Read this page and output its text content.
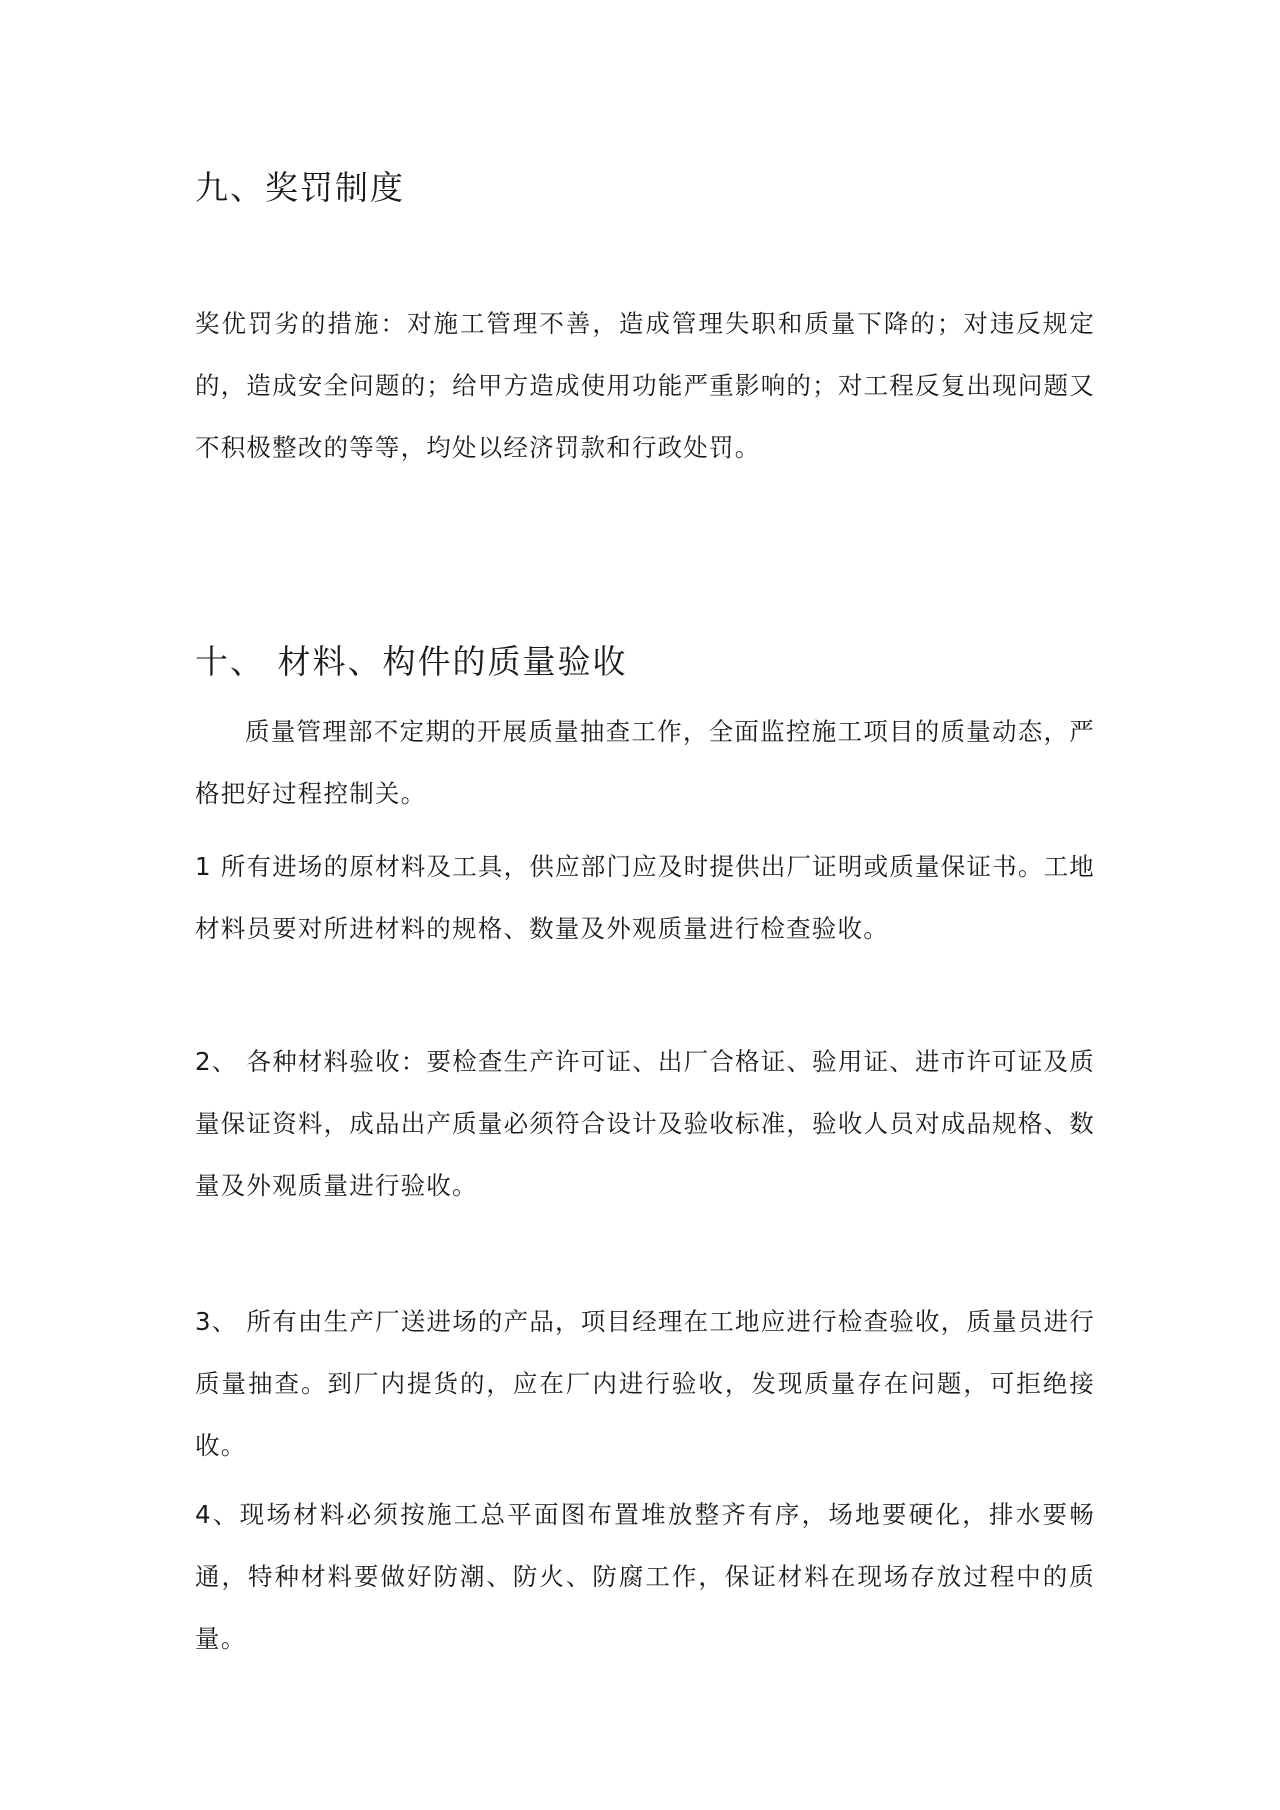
九、奖罚制度

奖优罚劣的措施：对施工管理不善，造成管理失职和质量下降的；对违反规定的，造成安全问题的；给甲方造成使用功能严重影响的；对工程反复出现问题又不积极整改的等等，均处以经济罚款和行政处罚。

十、 材料、构件的质量验收

质量管理部不定期的开展质量抽查工作，全面监控施工项目的质量动态，严格把好过程控制关。

1 所有进场的原材料及工具，供应部门应及时提供出厂证明或质量保证书。工地材料员要对所进材料的规格、数量及外观质量进行检查验收。

2、 各种材料验收：要检查生产许可证、出厂合格证、验用证、进市许可证及质量保证资料，成品出产质量必须符合设计及验收标准，验收人员对成品规格、数量及外观质量进行验收。

3、 所有由生产厂送进场的产品，项目经理在工地应进行检查验收，质量员进行质量抽查。到厂内提货的，应在厂内进行验收，发现质量存在问题，可拒绝接收。

4、现场材料必须按施工总平面图布置堆放整齐有序，场地要硬化，排水要畅通，特种材料要做好防潮、防火、防腐工作，保证材料在现场存放过程中的质量。
